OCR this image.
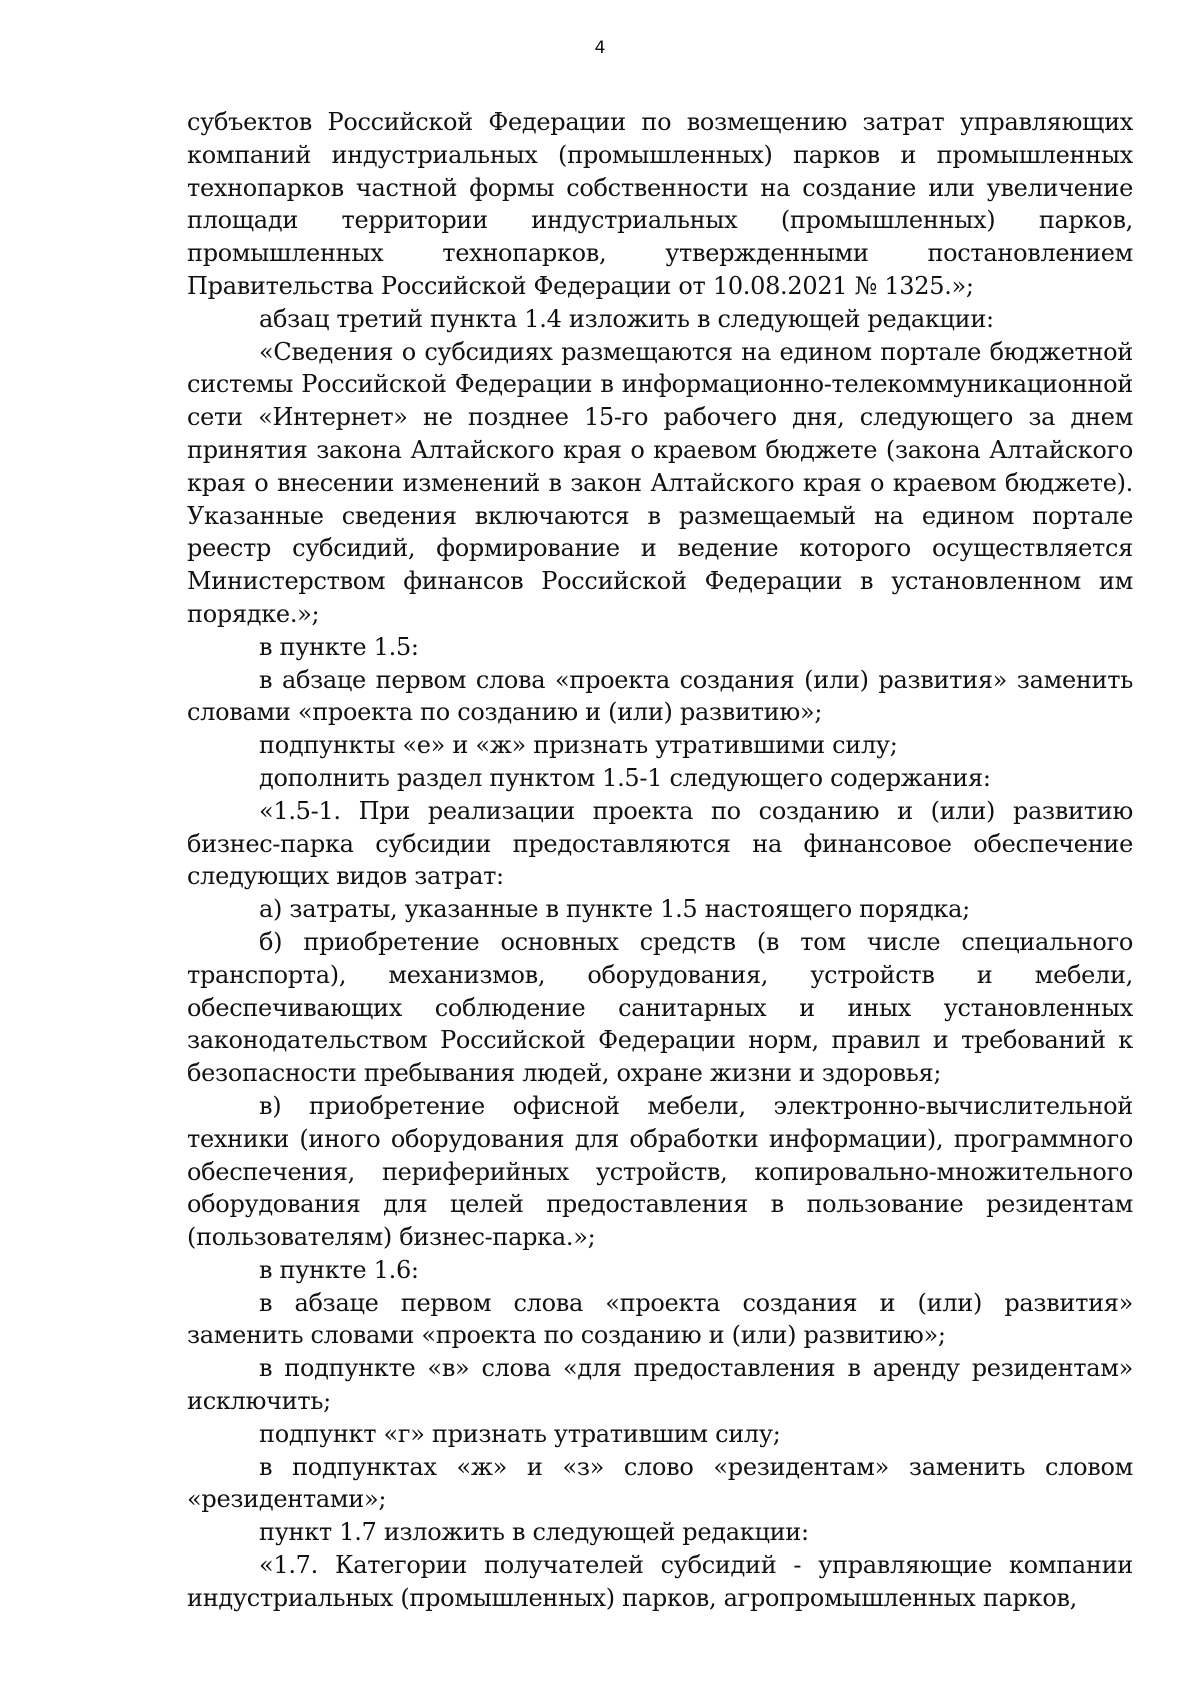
4

субъектов Российской Федерации по возмещению затрат управляющих компаний индустриальных (промышленных) парков и промышленных технопарков частной формы собственности на создание или увеличение площади территории индустриальных (промышленных) парков, промышленных технопарков, утвержденными постановлением Правительства Российской Федерации от 10.08.2021 № 1325.»;

абзац третий пункта 1.4 изложить в следующей редакции:

«Сведения о субсидиях размещаются на едином портале бюджетной системы Российской Федерации в информационно-телекоммуникационной сети «Интернет» не позднее 15-го рабочего дня, следующего за днем принятия закона Алтайского края о краевом бюджете (закона Алтайского края о внесении изменений в закон Алтайского края о краевом бюджете). Указанные сведения включаются в размещаемый на едином портале реестр субсидий, формирование и ведение которого осуществляется Министерством финансов Российской Федерации в установленном им порядке.»;

в пункте 1.5:

в абзаце первом слова «проекта создания (или) развития» заменить словами «проекта по созданию и (или) развитию»;

подпункты «е» и «ж» признать утратившими силу;

дополнить раздел пунктом 1.5-1 следующего содержания:

«1.5-1. При реализации проекта по созданию и (или) развитию бизнес-парка субсидии предоставляются на финансовое обеспечение следующих видов затрат:

а) затраты, указанные в пункте 1.5 настоящего порядка;

б) приобретение основных средств (в том числе специального транспорта), механизмов, оборудования, устройств и мебели, обеспечивающих соблюдение санитарных и иных установленных законодательством Российской Федерации норм, правил и требований к безопасности пребывания людей, охране жизни и здоровья;

в) приобретение офисной мебели, электронно-вычислительной техники (иного оборудования для обработки информации), программного обеспечения, периферийных устройств, копировально-множительного оборудования для целей предоставления в пользование резидентам (пользователям) бизнес-парка.»;

в пункте 1.6:

в абзаце первом слова «проекта создания и (или) развития» заменить словами «проекта по созданию и (или) развитию»;

в подпункте «в» слова «для предоставления в аренду резидентам» исключить;

подпункт «г» признать утратившим силу;

в подпунктах «ж» и «з» слово «резидентам» заменить словом «резидентами»;

пункт 1.7 изложить в следующей редакции:

«1.7. Категории получателей субсидий - управляющие компании индустриальных (промышленных) парков, агропромышленных парков,
